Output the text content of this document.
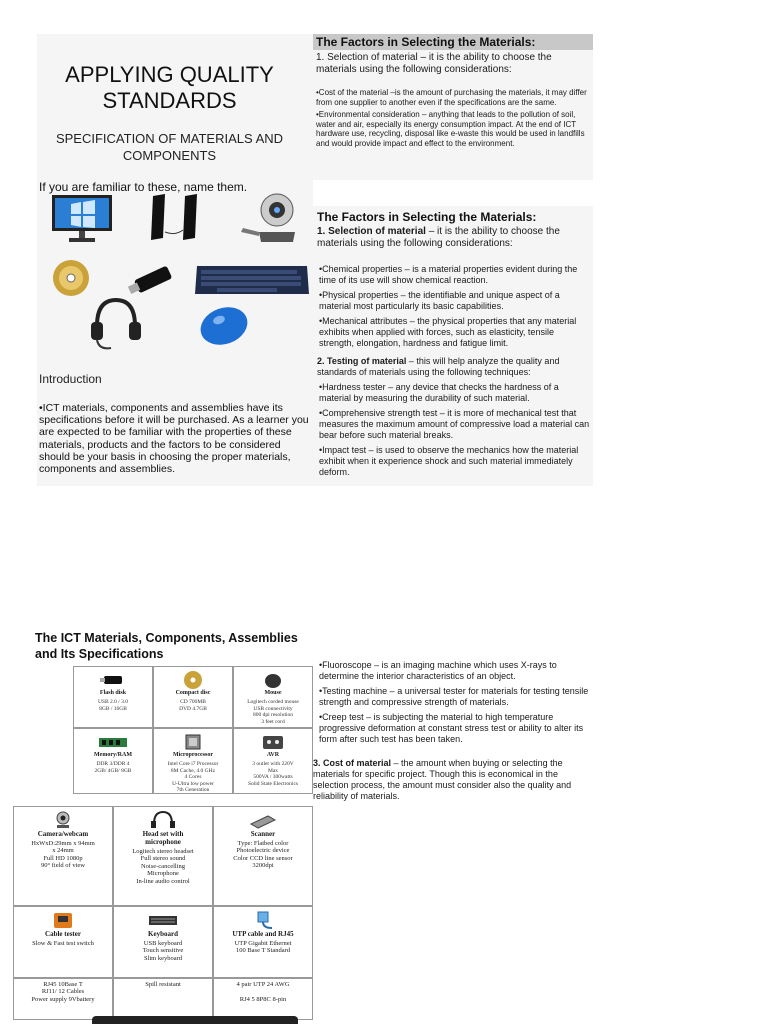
APPLYING QUALITY
STANDARDS
SPECIFICATION OF MATERIALS AND
COMPONENTS
If you are familiar to these, name them.
Introduction
•ICT materials, components and assemblies have its specifications before it will be purchased. As a learner you are expected to be familiar with the properties of these materials, products and the factors to be considered should be your basis in choosing the proper materials, components and assemblies.
The Factors in Selecting the Materials:
1. Selection of material – it is the ability to choose the materials using the following considerations:

•Cost of the material –is the amount of purchasing the materials, it may differ from one supplier to another even if the specifications are the same.

•Environmental consideration – anything that leads to the pollution of soil, water and air, especially its energy consumption impact. At the end of ICT hardware use, recycling, disposal like e-waste this would be used in landfills and would provide impact and effect to the environment.

The Factors in Selecting the Materials:
1. Selection of material – it is the ability to choose the materials using the following considerations:

•Chemical properties – is a material properties evident during the time of its use will show chemical reaction.

•Physical properties – the identifiable and unique aspect of a material most particularly its basic capabilities.

•Mechanical attributes – the physical properties that any material exhibits when applied with forces, such as elasticity, tensile strength, elongation, hardness and fatigue limit.

2. Testing of material – this will help analyze the quality and standards of materials using the following techniques:

•Hardness tester – any device that checks the hardness of a material by measuring the durability of such material.

•Comprehensive strength test – it is more of mechanical test that measures the maximum amount of compressive load a material can bear before such material breaks.

•Impact test – is used to observe the mechanics how the material exhibit when it experience shock and such material immediately deform.

The ICT Materials, Components, Assemblies
and Its Specifications
Flash disk
USB 2.0 / 3.0
8GB / 16GB
Compact disc
CD 700MB
DVD 4.7GB
Mouse
Logitech corded mouse
USB connectivity
800 dpi resolution
3 feet cord
Memory/RAM
DDR 3/DDR 4
2GB/ 4GB/ 8GB
Microprocessor
Intel Core i7 Processor
8M Cache, 4.0 GHz
4 Cores
U-Ultra low power
7th Generation
AVR
3 outlet with 220V
Max
500VA / 300watts
Solid State Electronics
Camera/webcam
HxWxD:29mm x 94mm
x 24mm
Full HD 1080p
90° field of view
Head set with
microphone
Logitech stereo headset
Full stereo sound
Noise-cancelling
Microphone
In-line audio control
Scanner
Type: Flatbed color
Photoelectric device
Color CCD line sensor
3200dpi
Cable tester
Slow & Fast test switch
Keyboard
USB keyboard
Touch sensitive
Slim keyboard
UTP cable and RJ45
UTP Gigabit Ethernet
100 Base T Standard
RJ45 10Base T
RJ11/ 12 Cables
Power supply 9Vbattery
Spill resistant	4 pair UTP 24 AWG

RJ4 5 8P8C 8-pin

•Fluoroscope – is an imaging machine which uses X-rays to determine the interior characteristics of an object.

•Testing machine – a universal tester for materials for testing tensile strength and compressive strength of materials.

•Creep test – is subjecting the material to high temperature progressive deformation at constant stress test or ability to alter its form after such test has been taken.

3. Cost of material – the amount when buying or selecting the materials for specific project. Though this is economical in the selection process, the amount must consider also the quality and reliability of materials.
